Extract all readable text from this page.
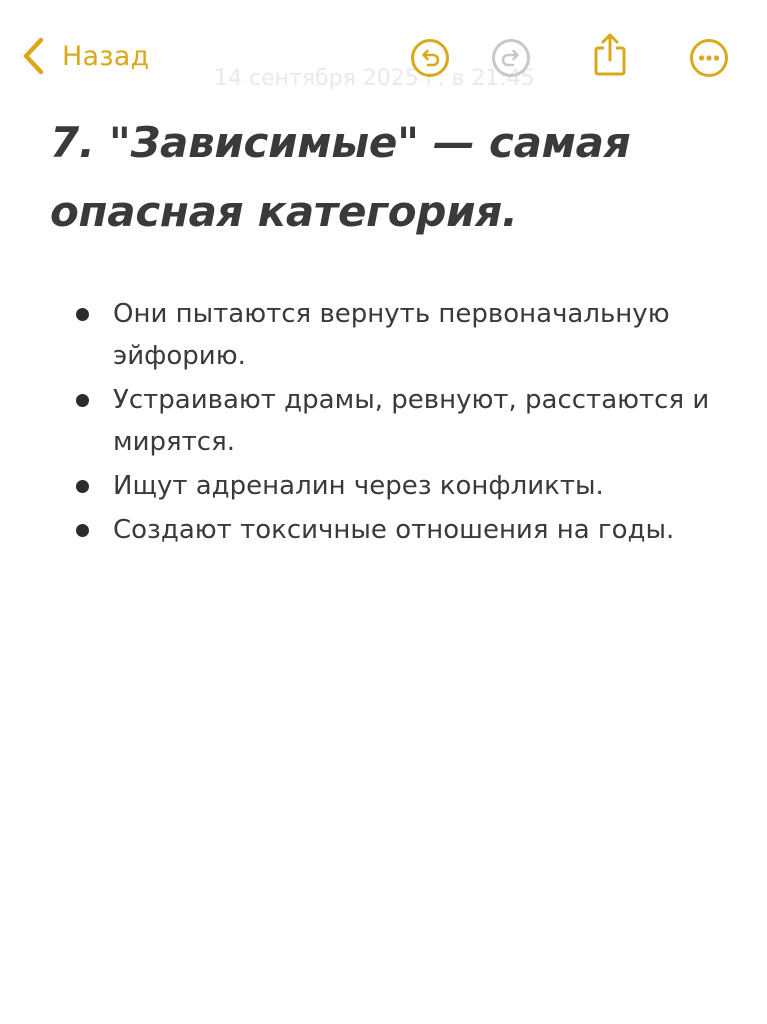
Назад
14 сентября 2025 г. в 21:45
7. "Зависимые" — самая опасная категория.
Они пытаются вернуть первоначальную эйфорию.
Устраивают драмы, ревнуют, расстаются и мирятся.
Ищут адреналин через конфликты.
Создают токсичные отношения на годы.
